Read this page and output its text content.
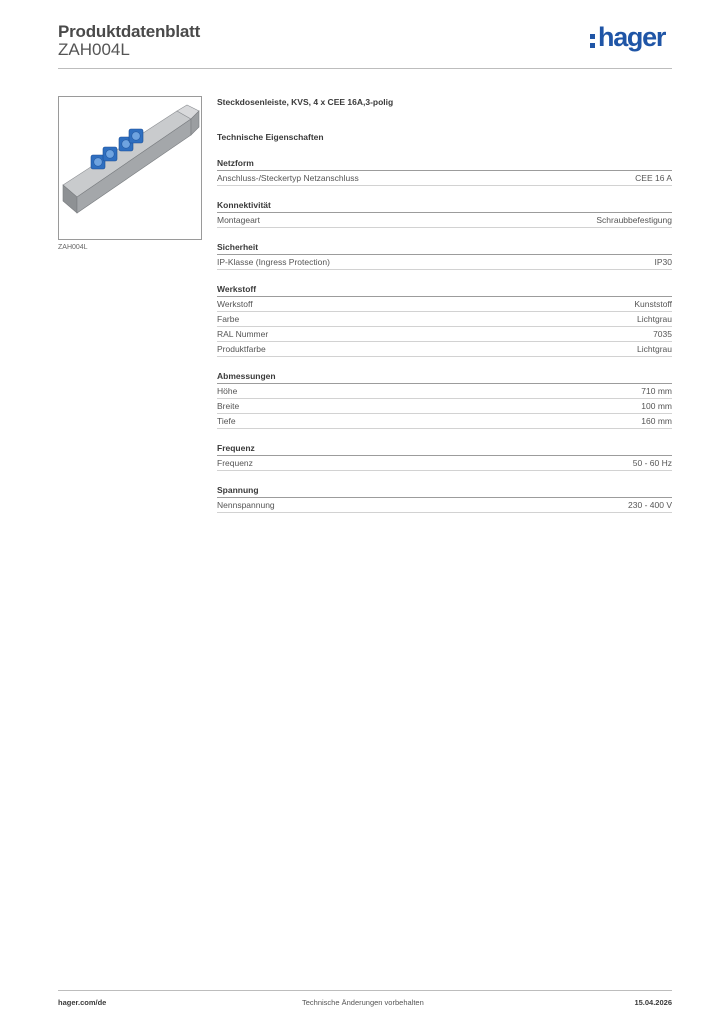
Produktdatenblatt
ZAH004L	hager
ZAH004L
Steckdosenleiste, KVS, 4 x CEE 16A,3-polig
Technische Eigenschaften
Netzform
Anschluss-/Steckertyp Netzanschluss	CEE 16 A
Konnektivität
Montageart	Schraubbefestigung
Sicherheit
IP-Klasse (Ingress Protection)	IP30
Werkstoff
Werkstoff	Kunststoff
Farbe	Lichtgrau
RAL Nummer	7035
Produktfarbe	Lichtgrau
Abmessungen
Höhe	710 mm
Breite	100 mm
Tiefe	160 mm
Frequenz
Frequenz	50 - 60 Hz
Spannung
Nennspannung	230 - 400 V
hager.com/de	Technische Änderungen vorbehalten	15.04.2026
